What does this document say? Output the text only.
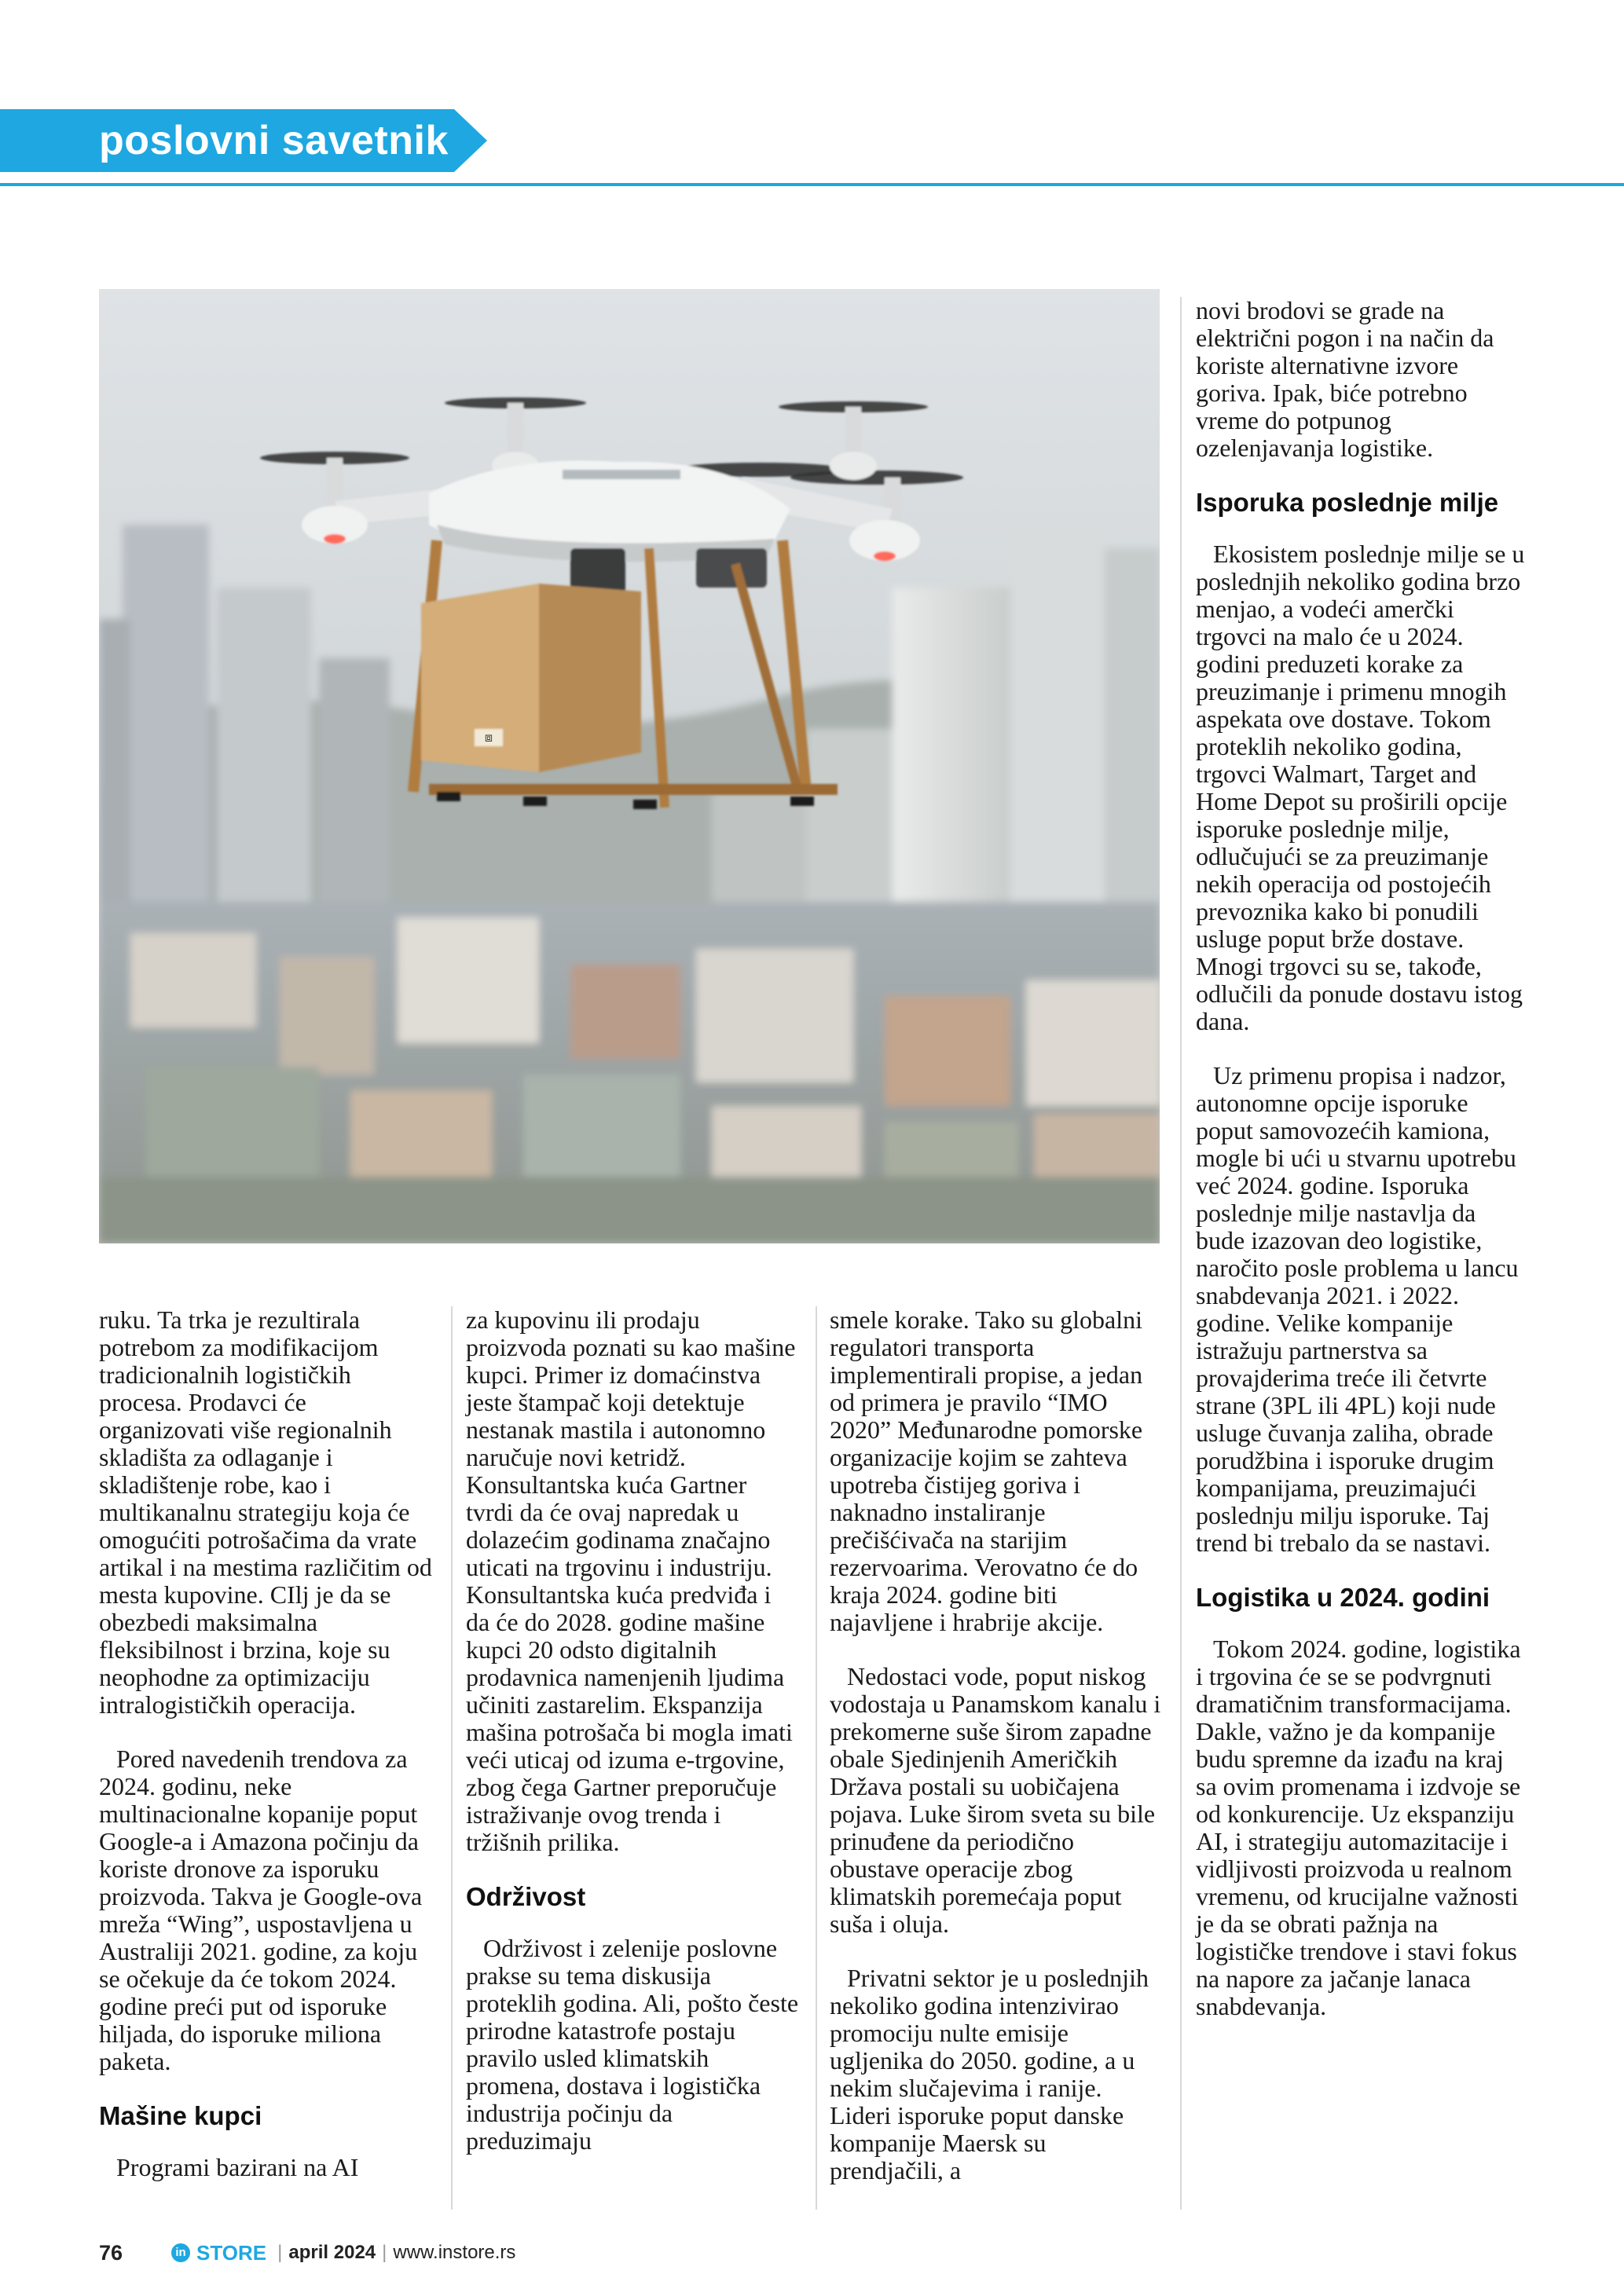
poslovni savetnik
⧈

ruku. Ta trka je rezultirala potrebom za modifikacijom tradicionalnih logističkih procesa. Prodavci će organizovati više regionalnih skladišta za odlaganje i skladištenje robe, kao i multikanalnu strategiju koja će omogućiti potrošačima da vrate artikal i na mestima različitim od mesta kupovine. CIlj je da se obezbedi maksimalna fleksibilnost i brzina, koje su neophodne za optimizaciju intralogističkih operacija.

Pored navedenih trendova za 2024. godinu, neke multinacionalne kopanije poput Google-a i Amazona počinju da koriste dronove za isporuku proizvoda. Takva je Google-ova mreža “Wing”, uspostavljena u Australiji 2021. godine, za koju se očekuje da će tokom 2024. godine preći put od isporuke hiljada, do isporuke miliona paketa.

Mašine kupci

Programi bazirani na AI

za kupovinu ili prodaju proizvoda poznati su kao mašine kupci. Primer iz domaćinstva jeste štampač koji detektuje nestanak mastila i autonomno naručuje novi ketridž. Konsultantska kuća Gartner tvrdi da će ovaj napredak u dolazećim godinama značajno uticati na trgovinu i industriju. Konsultantska kuća predviđa i da će do 2028. godine mašine kupci 20 odsto digitalnih prodavnica namenjenih ljudima učiniti zastarelim. Ekspanzija mašina potrošača bi mogla imati veći uticaj od izuma e-trgovine, zbog čega Gartner preporučuje istraživanje ovog trenda i tržišnih prilika.

Održivost

Održivost i zelenije poslovne prakse su tema diskusija proteklih godina. Ali, pošto česte prirodne katastrofe postaju pravilo usled klimatskih promena, dostava i logistička industrija počinju da preduzimaju

smele korake. Tako su globalni regulatori transporta implementirali propise, a jedan od primera je pravilo “IMO 2020” Međunarodne pomorske organizacije kojim se zahteva upotreba čistijeg goriva i naknadno instaliranje prečišćivača na starijim rezervoarima. Verovatno će do kraja 2024. godine biti najavljene i hrabrije akcije.

Nedostaci vode, poput niskog vodostaja u Panamskom kanalu i prekomerne suše širom zapadne obale Sjedinjenih Američkih Država postali su uobičajena pojava. Luke širom sveta su bile prinuđene da periodično obustave operacije zbog klimatskih poremećaja poput suša i oluja.

Privatni sektor je u poslednjih nekoliko godina intenzivirao promociju nulte emisije ugljenika do 2050. godine, a u nekim slučajevima i ranije. Lideri isporuke poput danske kompanije Maersk su prendjačili, a

novi brodovi se grade na električni pogon i na način da koriste alternativne izvore goriva. Ipak, biće potrebno vreme do potpunog ozelenjavanja logistike.

Isporuka poslednje milje

Ekosistem poslednje milje se u poslednjih nekoliko godina brzo menjao, a vodeći amerčki trgovci na malo će u 2024. godini preduzeti korake za preuzimanje i primenu mnogih aspekata ove dostave. Tokom proteklih nekoliko godina, trgovci Walmart, Target and Home Depot su proširili opcije isporuke poslednje milje, odlučujući se za preuzimanje nekih operacija od postojećih prevoznika kako bi ponudili usluge poput brže dostave. Mnogi trgovci su se, takođe, odlučili da ponude dostavu istog dana.

Uz primenu propisa i nadzor, autonomne opcije isporuke poput samovozećih kamiona, mogle bi ući u stvarnu upotrebu već 2024. godine. Isporuka poslednje milje nastavlja da bude izazovan deo logistike, naročito posle problema u lancu snabdevanja 2021. i 2022. godine. Velike kompanije istražuju partnerstva sa provajderima treće ili četvrte strane (3PL ili 4PL) koji nude usluge čuvanja zaliha, obrade porudžbina i isporuke drugim kompanijama, preuzimajući poslednju milju isporuke. Taj trend bi trebalo da se nastavi.

Logistika u 2024. godini

Tokom 2024. godine, logistika i trgovina će se se podvrgnuti dramatičnim transformacijama. Dakle, važno je da kompanije budu spremne da izađu na kraj sa ovim promenama i izdvoje se od konkurencije. Uz ekspanziju AI, i strategiju automazitacije i vidljivosti proizvoda u realnom vremenu, od krucijalne važnosti je da se obrati pažnja na logističke trendove i stavi fokus na napore za jačanje lanaca snabdevanja.

76	in STORE | april 2024 | www.instore.rs
